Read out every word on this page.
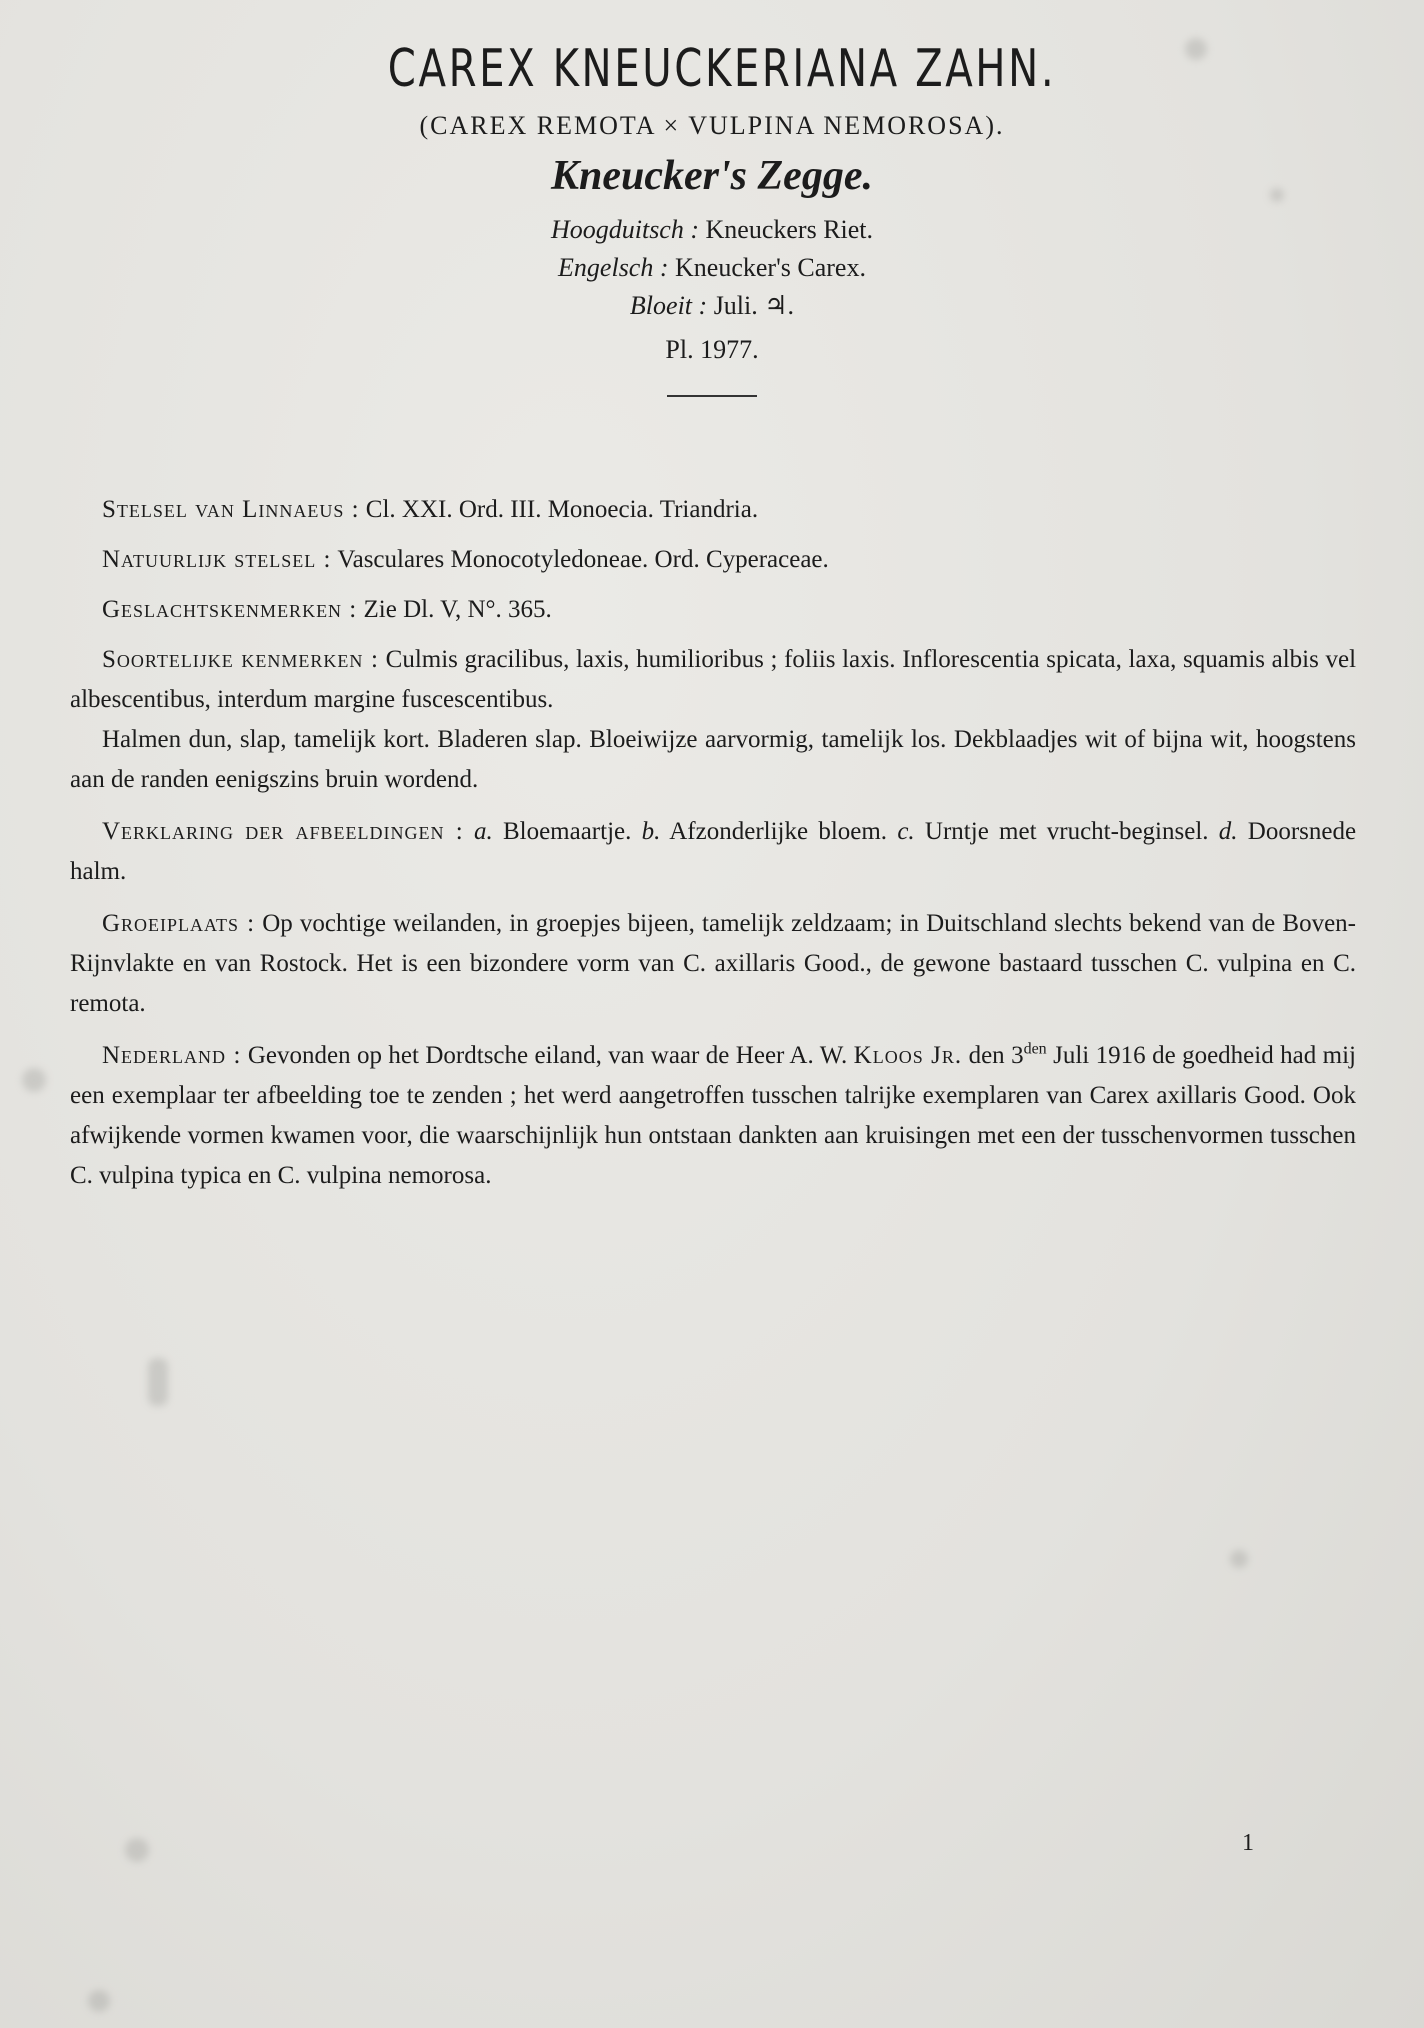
CAREX KNEUCKERIANA ZAHN.
(CAREX REMOTA × VULPINA NEMOROSA).
Kneucker's Zegge.
Hoogduitsch : Kneuckers Riet.
Engelsch : Kneucker's Carex.
Bloeit : Juli. ♃.
Pl. 1977.

Stelsel van Linnaeus : Cl. XXI. Ord. III. Monoecia. Triandria.

Natuurlijk stelsel : Vasculares Monocotyledoneae. Ord. Cyperaceae.

Geslachtskenmerken : Zie Dl. V, N°. 365.

Soortelijke kenmerken : Culmis gracilibus, laxis, humilioribus ; foliis laxis. Inflorescentia spicata, laxa, squamis albis vel albescentibus, interdum margine fuscescentibus.

Halmen dun, slap, tamelijk kort. Bladeren slap. Bloeiwijze aarvormig, tamelijk los. Dekblaadjes wit of bijna wit, hoogstens aan de randen eenigszins bruin wordend.

Verklaring der afbeeldingen : a. Bloemaartje. b. Afzonderlijke bloem. c. Urntje met vrucht-beginsel. d. Doorsnede halm.

Groeiplaats : Op vochtige weilanden, in groepjes bijeen, tamelijk zeldzaam; in Duitschland slechts bekend van de Boven-Rijnvlakte en van Rostock. Het is een bizondere vorm van C. axillaris Good., de gewone bastaard tusschen C. vulpina en C. remota.

Nederland : Gevonden op het Dordtsche eiland, van waar de Heer A. W. Kloos Jr. den $3^{den}$ Juli 1916 de goedheid had mij een exemplaar ter afbeelding toe te zenden ; het werd aangetroffen tusschen talrijke exemplaren van Carex axillaris Good. Ook afwijkende vormen kwamen voor, die waarschijnlijk hun ontstaan dankten aan kruisingen met een der tusschenvormen tusschen C. vulpina typica en C. vulpina nemorosa.

1
